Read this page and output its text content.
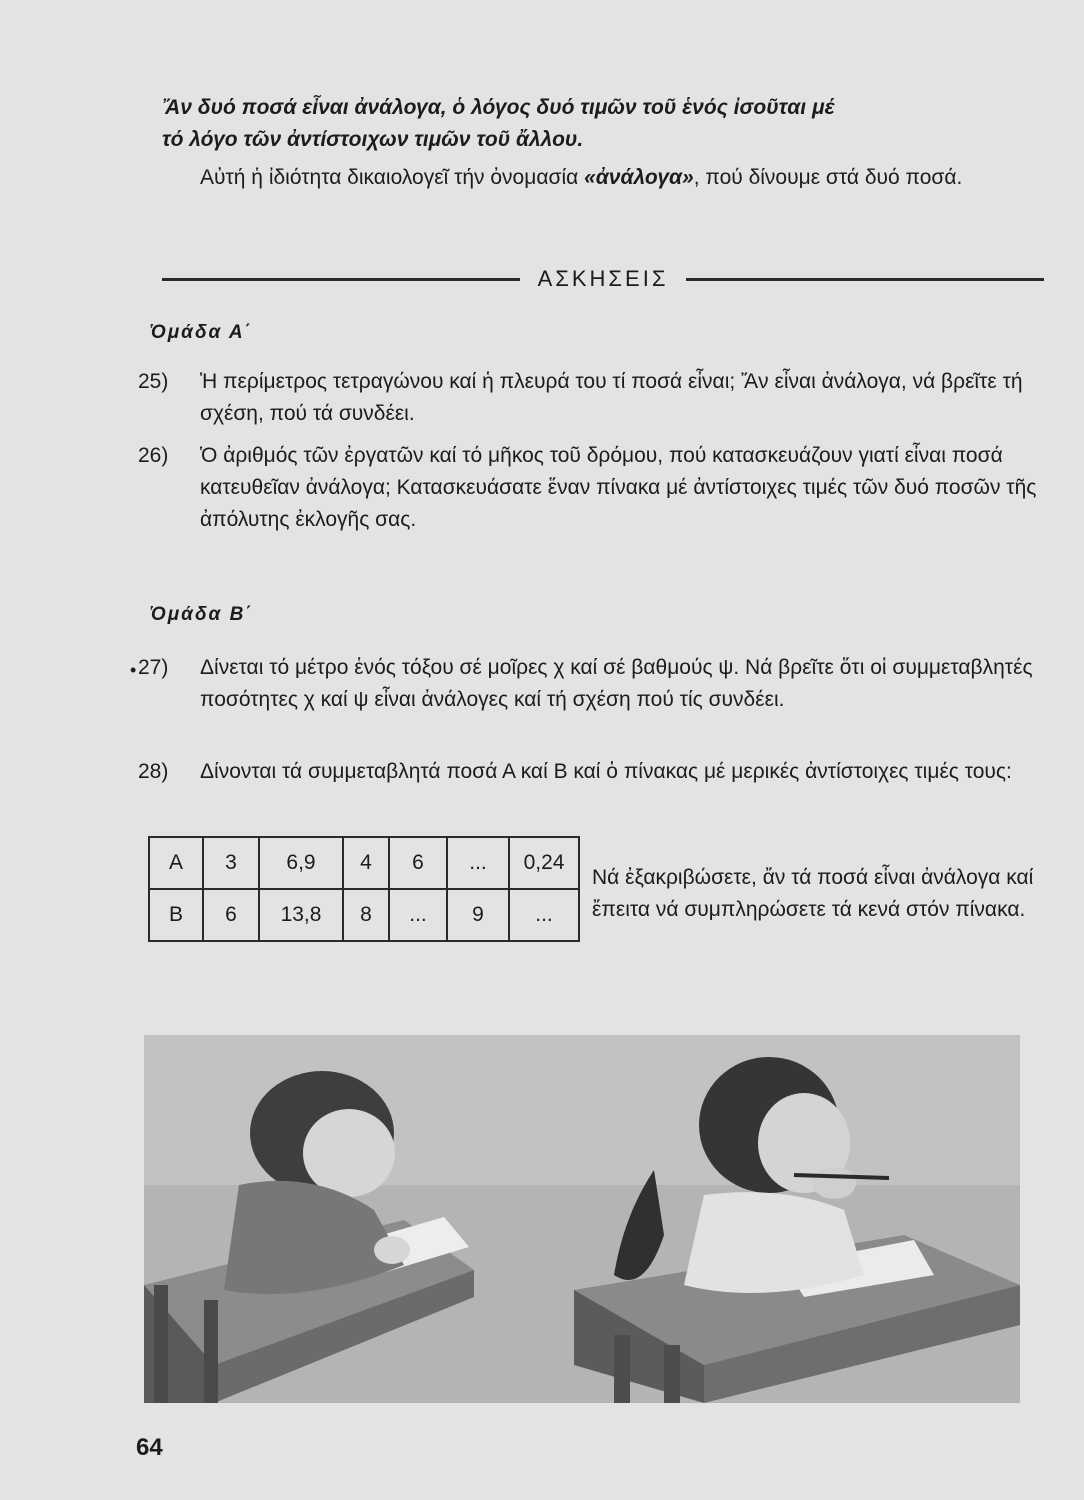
Ἄν δυό ποσά εἶναι ἀνάλογα, ὁ λόγος δυό τιμῶν τοῦ ἑνός ἰσοῦται μέ
τό λόγο τῶν ἀντίστοιχων τιμῶν τοῦ ἄλλου.
Αὐτή ἡ ἰδιότητα δικαιολογεῖ τήν ὀνομασία «ἀνάλογα», πού δίνουμε στά δυό ποσά.
ΑΣΚΗΣΕΙΣ
Ὁμάδα Α΄
25)	Ἡ περίμετρος τετραγώνου καί ἡ πλευρά του τί ποσά εἶναι; Ἄν εἶναι ἀνάλογα, νά βρεῖτε τή σχέση, πού τά συνδέει.
26)	Ὁ ἀριθμός τῶν ἐργατῶν καί τό μῆκος τοῦ δρόμου, πού κατασκευάζουν γιατί εἶναι ποσά κατευθεῖαν ἀνάλογα; Κατασκευάσατε ἕναν πίνακα μέ ἀντίστοιχες τιμές τῶν δυό ποσῶν τῆς ἀπόλυτης ἐκλογῆς σας.
Ὁμάδα Β΄
• 27)	Δίνεται τό μέτρο ἑνός τόξου σέ μοῖρες χ καί σέ βαθμούς ψ. Νά βρεῖτε ὅτι οἱ συμμεταβλητές ποσότητες χ καί ψ εἶναι ἀνάλογες καί τή σχέση πού τίς συνδέει.
28)	Δίνονται τά συμμεταβλητά ποσά Α καί Β καί ὁ πίνακας μέ μερικές ἀντίστοιχες τιμές τους:
Α	3	6,9	4	6	...	0,24
Β	6	13,8	8	...	9	...
Νά ἐξακριβώσετε, ἄν τά ποσά εἶναι ἀνάλογα καί ἔπειτα νά συμπληρώσετε τά κενά στόν πίνακα.
64
